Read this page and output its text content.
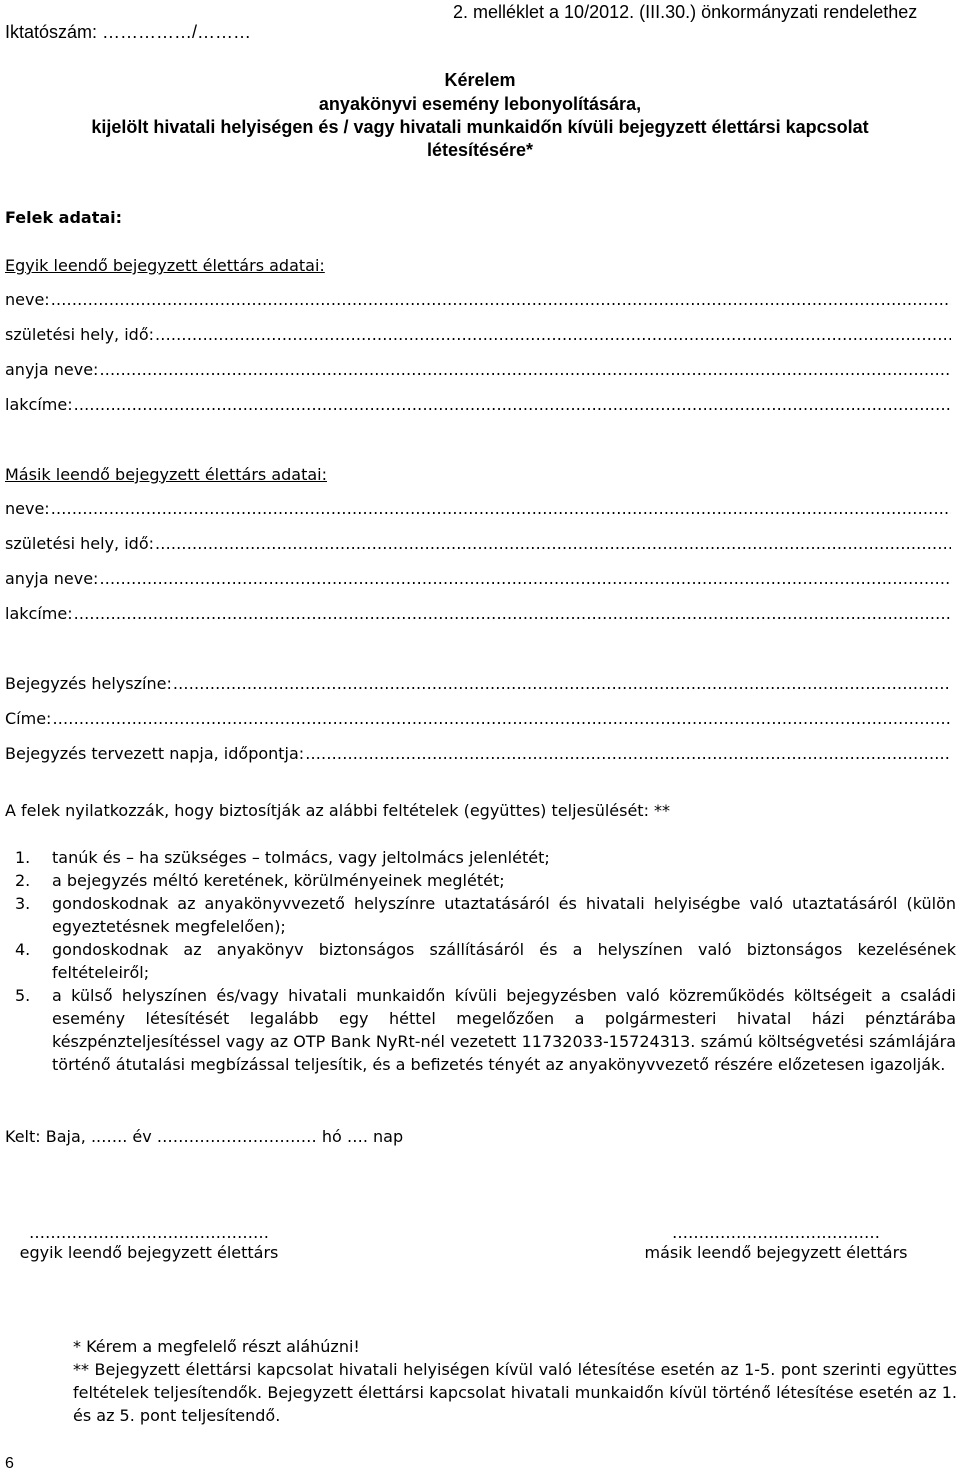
Iktatószám: ……………/………
2. melléklet a 10/2012. (III.30.) önkormányzati rendelethez
Kérelem
anyakönyvi esemény lebonyolítására,
kijelölt hivatali helyiségen és / vagy hivatali munkaidőn kívüli bejegyzett élettársi kapcsolat
létesítésére*
Felek adatai:
Egyik leendő bejegyzett élettárs adatai:
neve:
.....
születési hely, idő:
.....
anyja neve:
.....
lakcíme:
.....
Másik leendő bejegyzett élettárs adatai:
neve:
.....
születési hely, idő:
.....
anyja neve:
.....
lakcíme:
.....
Bejegyzés helyszíne:
.....
Címe:
.....
Bejegyzés tervezett napja, időpontja:
.....
A felek nyilatkozzák, hogy biztosítják az alábbi feltételek (együttes) teljesülését: **
1.	tanúk és – ha szükséges – tolmács, vagy jeltolmács jelenlétét;
2.	a bejegyzés méltó keretének, körülményeinek meglétét;
3.	gondoskodnak az anyakönyvvezető helyszínre utaztatásáról és hivatali helyiségbe való utaztatásáról (külön egyeztetésnek megfelelően);
4.	gondoskodnak az anyakönyv biztonságos szállításáról és a helyszínen való biztonságos kezelésének feltételeiről;
5.	a külső helyszínen és/vagy hivatali munkaidőn kívüli bejegyzésben való közreműködés költségeit a családi esemény létesítését legalább egy héttel megelőzően a polgármesteri hivatal házi pénztárába készpénzteljesítéssel vagy az OTP Bank NyRt-nél vezetett 11732033-15724313. számú költségvetési számlájára történő átutalási megbízással teljesítik, és a befizetés tényét az anyakönyvvezető részére előzetesen igazolják.
Kelt: Baja, ..….. év ………………………… hó …. nap
………………………………………
egyik leendő bejegyzett élettárs
…………………………………
másik leendő bejegyzett élettárs
* Kérem a megfelelő részt aláhúzni!
** Bejegyzett élettársi kapcsolat hivatali helyiségen kívül való létesítése esetén az 1-5. pont szerinti együttes feltételek teljesítendők. Bejegyzett élettársi kapcsolat hivatali munkaidőn kívül történő létesítése esetén az 1. és az 5. pont teljesítendő.
6
